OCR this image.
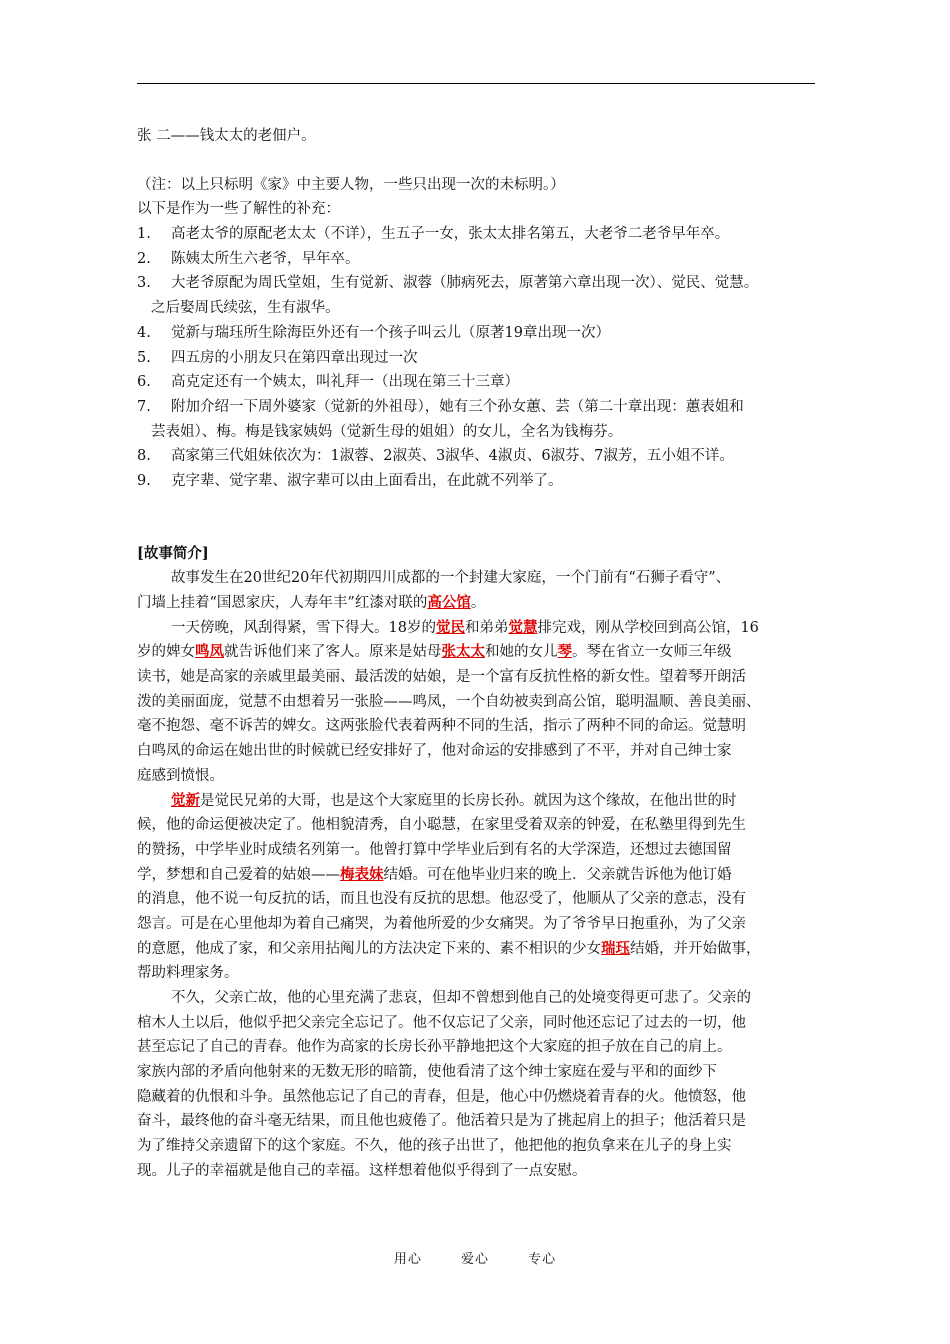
张 二——钱太太的老佃户。
（注：以上只标明《家》中主要人物，一些只出现一次的未标明。）
以下是作为一些了解性的补充：
1.	高老太爷的原配老太太（不详），生五子一女，张太太排名第五，大老爷二老爷早年卒。
2.	陈姨太所生六老爷，早年卒。
3.	大老爷原配为周氏堂姐，生有觉新、淑蓉（肺病死去，原著第六章出现一次）、觉民、觉慧。
之后娶周氏续弦，生有淑华。
4.	觉新与瑞珏所生除海臣外还有一个孩子叫云儿（原著19章出现一次）
5.	四五房的小朋友只在第四章出现过一次
6.	高克定还有一个姨太，叫礼拜一（出现在第三十三章）
7.	附加介绍一下周外婆家（觉新的外祖母），她有三个孙女蕙、芸（第二十章出现：蕙表姐和
芸表姐）、梅。梅是钱家姨妈（觉新生母的姐姐）的女儿，全名为钱梅芬。
8.	高家第三代姐妹依次为：1淑蓉、2淑英、3淑华、4淑贞、6淑芬、7淑芳，五小姐不详。
9.	克字辈、觉字辈、淑字辈可以由上面看出，在此就不列举了。
[故事简介]
故事发生在20世纪20年代初期四川成都的一个封建大家庭，一个门前有“石狮子看守”、
门墙上挂着“国恩家庆，人寿年丰”红漆对联的高公馆。
一天傍晚，风刮得紧，雪下得大。18岁的觉民和弟弟觉慧排完戏，刚从学校回到高公馆，16
岁的婢女鸣凤就告诉他们来了客人。原来是姑母张太太和她的女儿琴。琴在省立一女师三年级
读书，她是高家的亲戚里最美丽、最活泼的姑娘，是一个富有反抗性格的新女性。望着琴开朗活
泼的美丽面庞，觉慧不由想着另一张脸——鸣凤，一个自幼被卖到高公馆，聪明温顺、善良美丽、
毫不抱怨、毫不诉苦的婢女。这两张脸代表着两种不同的生活，指示了两种不同的命运。觉慧明
白鸣凤的命运在她出世的时候就已经安排好了，他对命运的安排感到了不平，并对自己绅士家
庭感到愤恨。
觉新是觉民兄弟的大哥，也是这个大家庭里的长房长孙。就因为这个缘故，在他出世的时
候，他的命运便被决定了。他相貌清秀，自小聪慧，在家里受着双亲的钟爱，在私塾里得到先生
的赞扬，中学毕业时成绩名列第一。他曾打算中学毕业后到有名的大学深造，还想过去德国留
学，梦想和自己爱着的姑娘——梅表妹结婚。可在他毕业归来的晚上．父亲就告诉他为他订婚
的消息，他不说一句反抗的话，而且也没有反抗的思想。他忍受了，他顺从了父亲的意志，没有
怨言。可是在心里他却为着自己痛哭，为着他所爱的少女痛哭。为了爷爷早日抱重孙，为了父亲
的意愿，他成了家，和父亲用拈阄儿的方法决定下来的、素不相识的少女瑞珏结婚，并开始做事，
帮助料理家务。
不久，父亲亡故，他的心里充满了悲哀，但却不曾想到他自己的处境变得更可悲了。父亲的
棺木人土以后，他似乎把父亲完全忘记了。他不仅忘记了父亲，同时他还忘记了过去的一切，他
甚至忘记了自己的青春。他作为高家的长房长孙平静地把这个大家庭的担子放在自己的肩上。
家族内部的矛盾向他射来的无数无形的暗箭，使他看清了这个绅士家庭在爱与平和的面纱下
隐藏着的仇恨和斗争。虽然他忘记了自己的青春，但是，他心中仍燃烧着青春的火。他愤怒，他
奋斗，最终他的奋斗毫无结果，而且他也疲倦了。他活着只是为了挑起肩上的担子；他活着只是
为了维持父亲遗留下的这个家庭。不久，他的孩子出世了，他把他的抱负拿来在儿子的身上实
现。儿子的幸福就是他自己的幸福。这样想着他似乎得到了一点安慰。
用心	爱心	专心
